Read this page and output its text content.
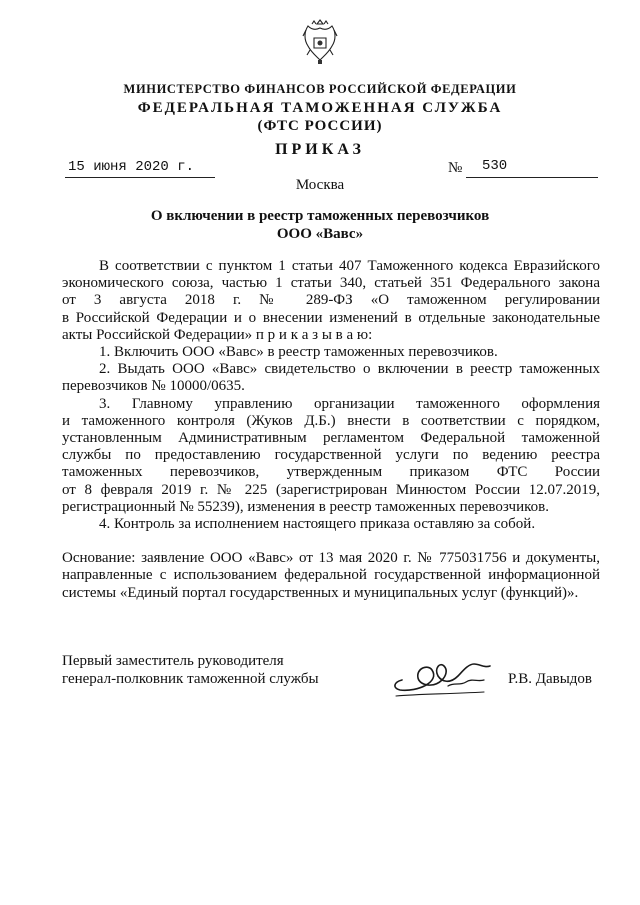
МИНИСТЕРСТВО ФИНАНСОВ РОССИЙСКОЙ ФЕДЕРАЦИИ
ФЕДЕРАЛЬНАЯ ТАМОЖЕННАЯ СЛУЖБА
(ФТС РОССИИ)
ПРИКАЗ
15 июня 2020 г.	№ 530
Москва
О включении в реестр таможенных перевозчиков
ООО «Вавс»

В соответствии с пунктом 1 статьи 407 Таможенного кодекса Евразийского

экономического союза, частью 1 статьи 340, статьей 351 Федерального закона

от 3 августа 2018 г. № 289-ФЗ «О таможенном регулировании

в Российской Федерации и о внесении изменений в отдельные законодательные

акты Российской Федерации» п р и к а з ы в а ю:

1. Включить ООО «Вавс» в реестр таможенных перевозчиков.

2. Выдать ООО «Вавс» свидетельство о включении в реестр таможенных

перевозчиков № 10000/0635.

3. Главному управлению организации таможенного оформления

и таможенного контроля (Жуков Д.Б.) внести в соответствии с порядком,

установленным Административным регламентом Федеральной таможенной

службы по предоставлению государственной услуги по ведению реестра

таможенных перевозчиков, утвержденным приказом ФТС России

от 8 февраля 2019 г. № 225 (зарегистрирован Минюстом России 12.07.2019,

регистрационный № 55239), изменения в реестр таможенных перевозчиков.

4. Контроль за исполнением настоящего приказа оставляю за собой.

Основание: заявление ООО «Вавс» от 13 мая 2020 г. № 775031756 и документы,

направленные с использованием федеральной государственной информационной

системы «Единый портал государственных и муниципальных услуг (функций)».

Первый заместитель руководителя
генерал-полковник таможенной службы	Р.В. Давыдов
